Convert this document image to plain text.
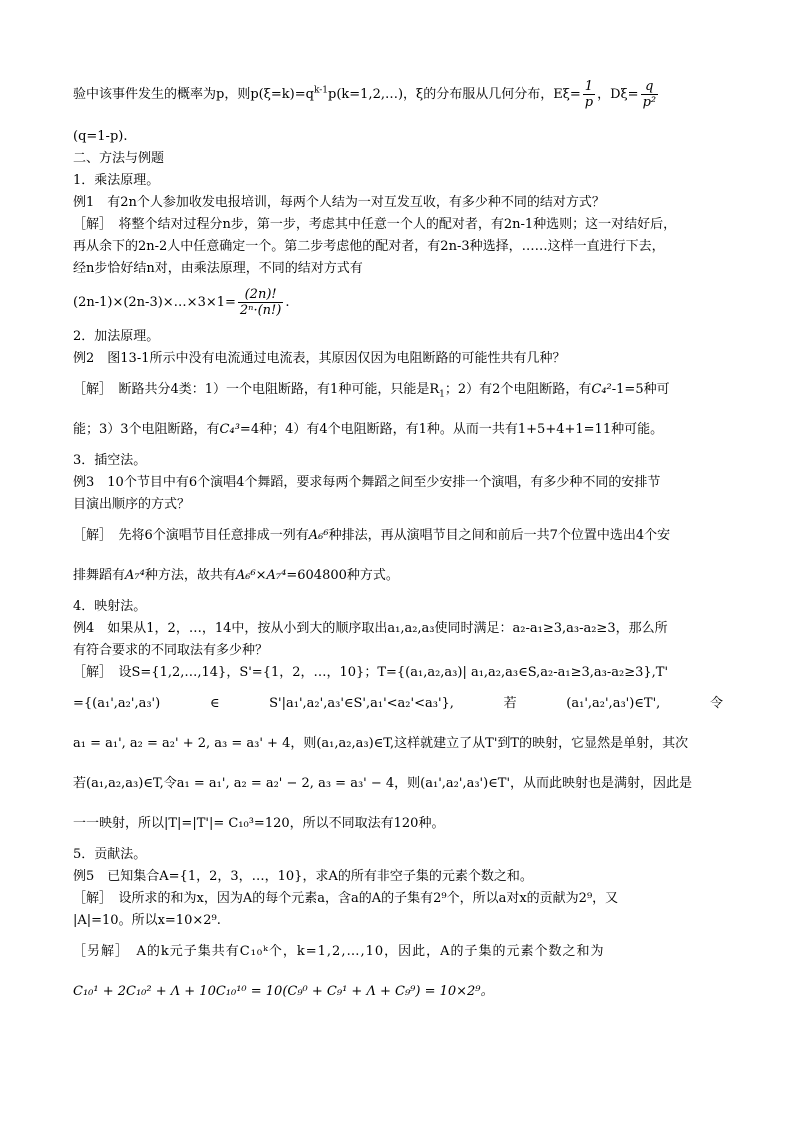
验中该事件发生的概率为p，则$p(\xi=k)=q^{k-1}p(k=1,2,\dots)$，ξ的分布服从几何分布，$E\xi= \frac{1}{p}$ ，$D\xi= \frac{q}{\text{p²}}$
(q=1-p).
二、方法与例题
1．乘法原理。
例1　有2n个人参加收发电报培训，每两个人结为一对互发互收，有多少种不同的结对方式？
［解］　将整个结对过程分n步，第一步，考虑其中任意一个人的配对者，有2n-1种选则；这一对结好后，
再从余下的2n-2人中任意确定一个。第二步考虑他的配对者，有2n-3种选择，……这样一直进行下去，
经n步恰好结n对，由乘法原理，不同的结对方式有
(2n-1)×(2n-3)×…×3×1= $\frac{(2n)!}{\text{2ⁿ·(n!)}}$ .
2．加法原理。
例2　图13-1所示中没有电流通过电流表，其原因仅因为电阻断路的可能性共有几种？
［解］　断路共分4类：1）一个电阻断路，有1种可能，只能是$R_1$；2）有2个电阻断路，有C₄²-1=5种可
能；3）3个电阻断路，有C₄³=4种；4）有4个电阻断路，有1种。从而一共有1+5+4+1=11种可能。
3．插空法。
例3　10个节目中有6个演唱4个舞蹈，要求每两个舞蹈之间至少安排一个演唱，有多少种不同的安排节
目演出顺序的方式？
［解］　先将6个演唱节目任意排成一列有A₆⁶种排法，再从演唱节目之间和前后一共7个位置中选出4个安
排舞蹈有A₇⁴种方法，故共有A₆⁶×A₇⁴=604800种方式。
4．映射法。
例4　如果从1，2，…，14中，按从小到大的顺序取出a₁,a₂,a₃使同时满足：a₂-a₁≥3,a₃-a₂≥3，那么所
有符合要求的不同取法有多少种？
［解］　设S={1,2,…,14}，S'={1，2，…，10}；T={(a₁,a₂,a₃)| a₁,a₂,a₃∈S,a₂-a₁≥3,a₃-a₂≥3},T'
={(a₁',a₂',a₃')	∈	S'|a₁',a₂',a₃'∈S',a₁'<a₂'<a₃'},	若	(a₁',a₂',a₃')∈T',	令
a₁ = a₁', a₂ = a₂' + 2, a₃ = a₃' + 4，则(a₁,a₂,a₃)∈T,这样就建立了从T'到T的映射，它显然是单射，其次
若(a₁,a₂,a₃)∈T,令a₁ = a₁', a₂ = a₂' − 2, a₃ = a₃' − 4，则(a₁',a₂',a₃')∈T'，从而此映射也是满射，因此是
一一映射，所以|T|=|T'|= C₁₀³=120，所以不同取法有120种。
5．贡献法。
例5　已知集合A={1，2，3，…，10}，求A的所有非空子集的元素个数之和。
［解］　设所求的和为x，因为A的每个元素a，含a的A的子集有2⁹个，所以a对x的贡献为2⁹，又
|A|=10。所以x=10×2⁹.
［另解］　A的k元子集共有C₁₀ᵏ个，k=1,2,…,10，因此，A的子集的元素个数之和为
C₁₀¹ + 2C₁₀² + Λ + 10C₁₀¹⁰ = 10(C₉⁰ + C₉¹ + Λ + C₉⁹) = 10×2⁹。
